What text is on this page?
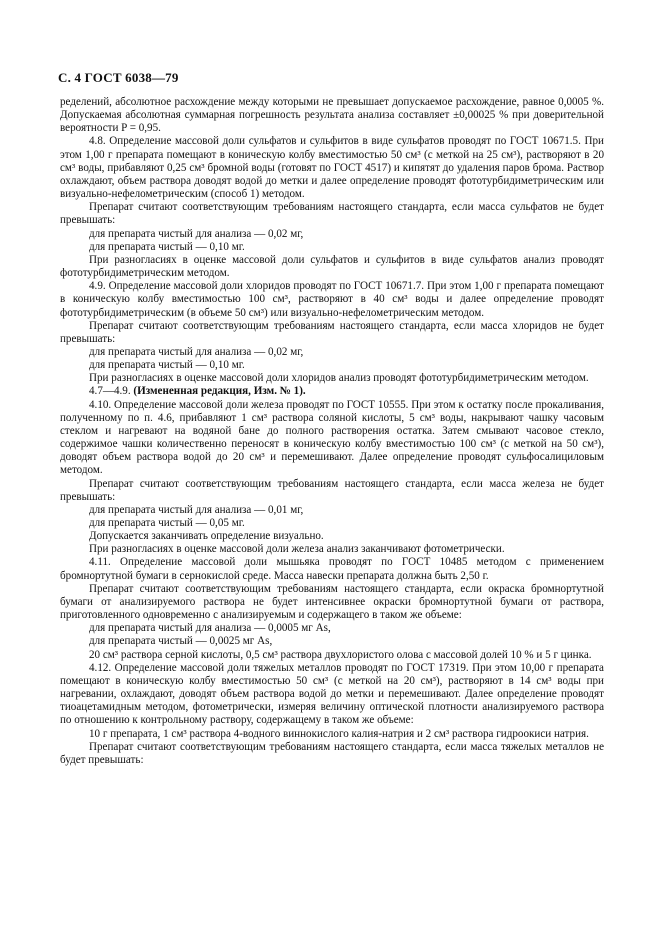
С. 4 ГОСТ 6038—79

ределений, абсолютное расхождение между которыми не превышает допускаемое расхождение, равное 0,0005 %. Допускаемая абсолютная суммарная погрешность результата анализа составляет ±0,00025 % при доверительной вероятности P = 0,95.

4.8. Определение массовой доли сульфатов и сульфитов в виде сульфатов проводят по ГОСТ 10671.5. При этом 1,00 г препарата помещают в коническую колбу вместимостью 50 см³ (с меткой на 25 см³), растворяют в 20 см³ воды, прибавляют 0,25 см³ бромной воды (готовят по ГОСТ 4517) и кипятят до удаления паров брома. Раствор охлаждают, объем раствора доводят водой до метки и далее определение проводят фототурбидиметрическим или визуально-нефелометрическим (способ 1) методом.

Препарат считают соответствующим требованиям настоящего стандарта, если масса сульфатов не будет превышать:

для препарата чистый для анализа — 0,02 мг,

для препарата чистый — 0,10 мг.

При разногласиях в оценке массовой доли сульфатов и сульфитов в виде сульфатов анализ проводят фототурбидиметрическим методом.

4.9. Определение массовой доли хлоридов проводят по ГОСТ 10671.7. При этом 1,00 г препарата помещают в коническую колбу вместимостью 100 см³, растворяют в 40 см³ воды и далее определение проводят фототурбидиметрическим (в объеме 50 см³) или визуально-нефелометрическим методом.

Препарат считают соответствующим требованиям настоящего стандарта, если масса хлоридов не будет превышать:

для препарата чистый для анализа — 0,02 мг,

для препарата чистый — 0,10 мг.

При разногласиях в оценке массовой доли хлоридов анализ проводят фототурбидиметрическим методом.

4.7—4.9. (Измененная редакция, Изм. № 1).

4.10. Определение массовой доли железа проводят по ГОСТ 10555. При этом к остатку после прокаливания, полученному по п. 4.6, прибавляют 1 см³ раствора соляной кислоты, 5 см³ воды, накрывают чашку часовым стеклом и нагревают на водяной бане до полного растворения остатка. Затем смывают часовое стекло, содержимое чашки количественно переносят в коническую колбу вместимостью 100 см³ (с меткой на 50 см³), доводят объем раствора водой до 20 см³ и перемешивают. Далее определение проводят сульфосалициловым методом.

Препарат считают соответствующим требованиям настоящего стандарта, если масса железа не будет превышать:

для препарата чистый для анализа — 0,01 мг,

для препарата чистый — 0,05 мг.

Допускается заканчивать определение визуально.

При разногласиях в оценке массовой доли железа анализ заканчивают фотометрически.

4.11. Определение массовой доли мышьяка проводят по ГОСТ 10485 методом с применением бромнортутной бумаги в сернокислой среде. Масса навески препарата должна быть 2,50 г.

Препарат считают соответствующим требованиям настоящего стандарта, если окраска бромнортутной бумаги от анализируемого раствора не будет интенсивнее окраски бромнортутной бумаги от раствора, приготовленного одновременно с анализируемым и содержащего в таком же объеме:

для препарата чистый для анализа — 0,0005 мг As,

для препарата чистый — 0,0025 мг As,

20 см³ раствора серной кислоты, 0,5 см³ раствора двухлористого олова с массовой долей 10 % и 5 г цинка.

4.12. Определение массовой доли тяжелых металлов проводят по ГОСТ 17319. При этом 10,00 г препарата помещают в коническую колбу вместимостью 50 см³ (с меткой на 20 см³), растворяют в 14 см³ воды при нагревании, охлаждают, доводят объем раствора водой до метки и перемешивают. Далее определение проводят тиоацетамидным методом, фотометрически, измеряя величину оптической плотности анализируемого раствора по отношению к контрольному раствору, содержащему в таком же объеме:

10 г препарата, 1 см³ раствора 4-водного виннокислого калия-натрия и 2 см³ раствора гидроокиси натрия.

Препарат считают соответствующим требованиям настоящего стандарта, если масса тяжелых металлов не будет превышать:
